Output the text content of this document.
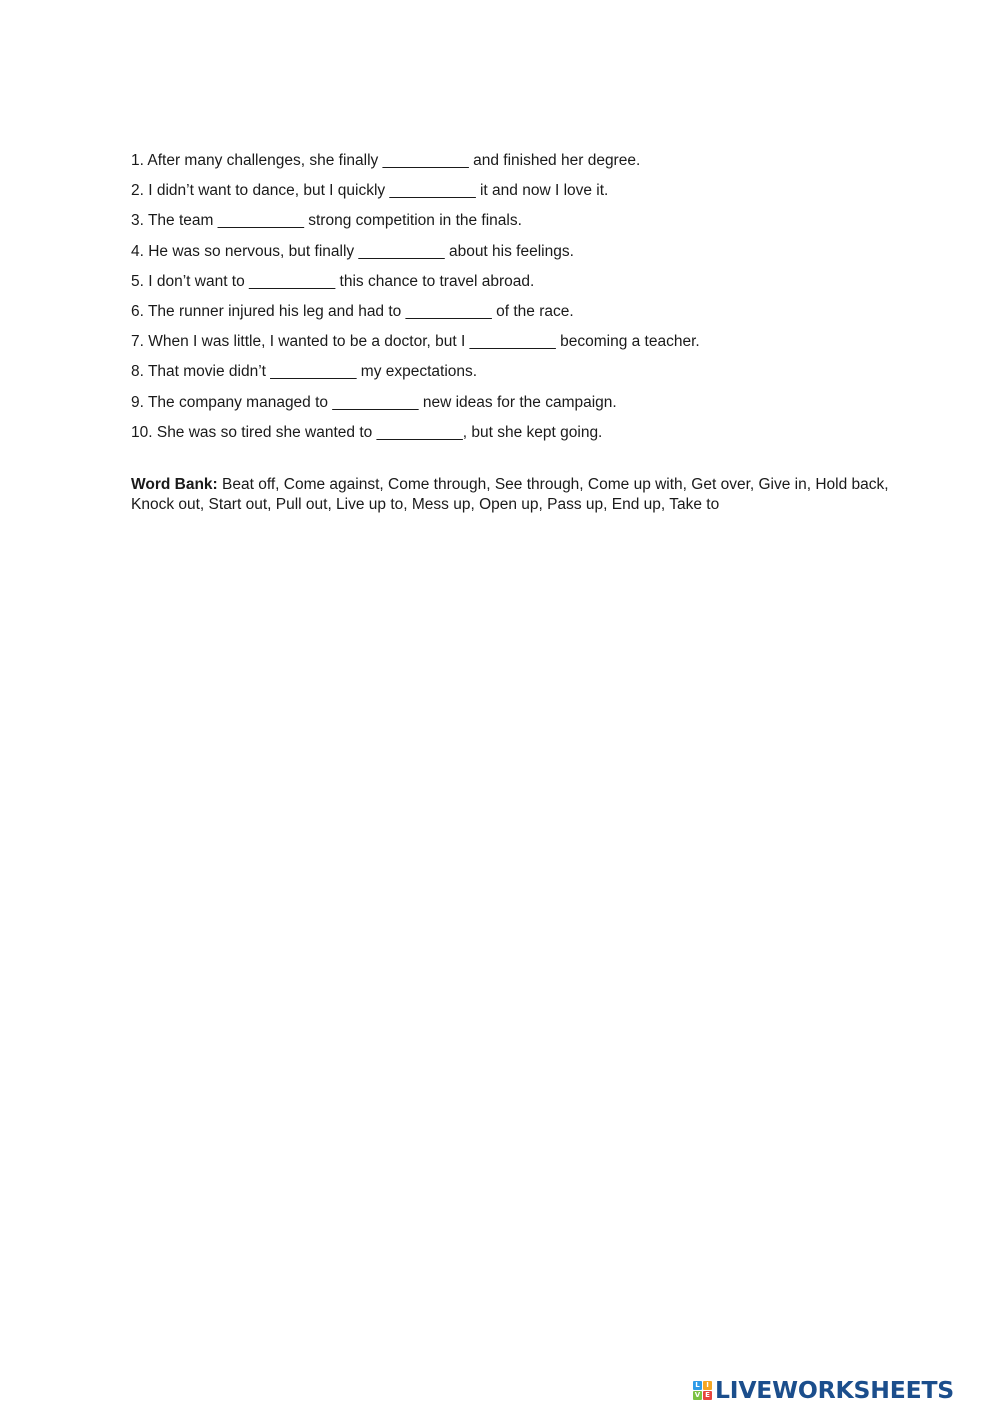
1. After many challenges, she finally __________ and finished her degree.
2. I didn’t want to dance, but I quickly __________ it and now I love it.
3. The team __________ strong competition in the finals.
4. He was so nervous, but finally __________ about his feelings.
5. I don’t want to __________ this chance to travel abroad.
6. The runner injured his leg and had to __________ of the race.
7. When I was little, I wanted to be a doctor, but I __________ becoming a teacher.
8. That movie didn’t __________ my expectations.
9. The company managed to __________ new ideas for the campaign.
10. She was so tired she wanted to __________, but she kept going.

Word Bank: Beat off, Come against, Come through, See through, Come up with, Get over, Give in, Hold back, Knock out, Start out, Pull out, Live up to, Mess up, Open up, Pass up, End up, Take to

L I
V E LIVEWORKSHEETS
